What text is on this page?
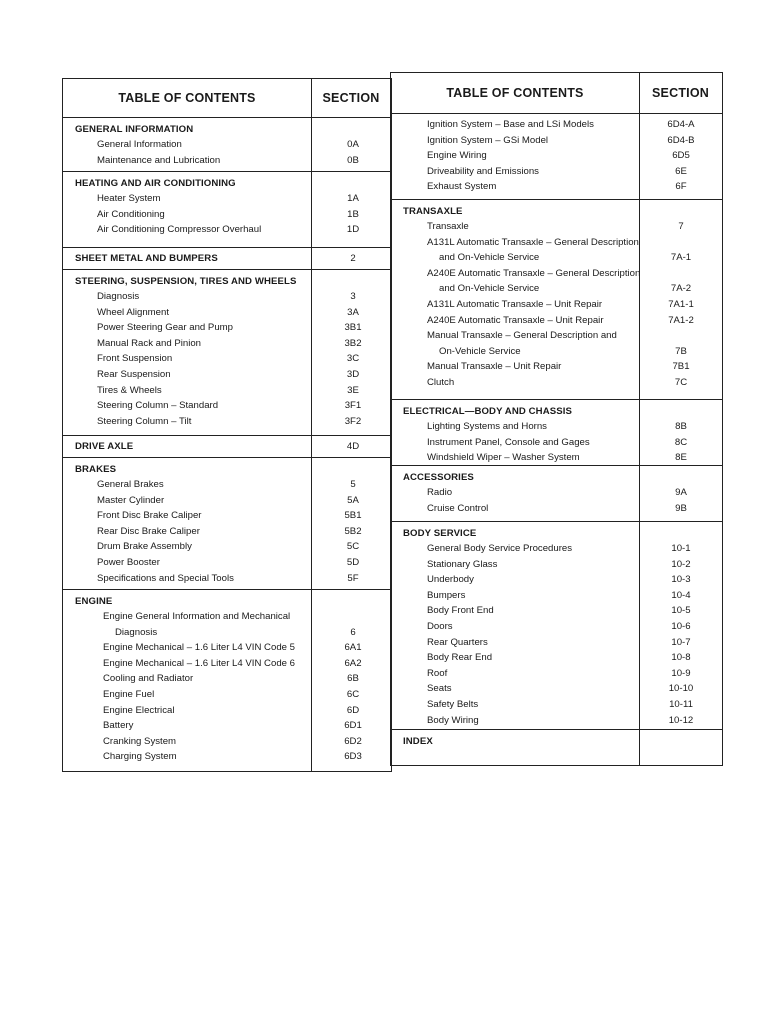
TABLE OF CONTENTS	SECTION
GENERAL INFORMATION
General Information	0A
Maintenance and Lubrication	0B
HEATING AND AIR CONDITIONING
Heater System	1A
Air Conditioning	1B
Air Conditioning Compressor Overhaul	1D
SHEET METAL AND BUMPERS	2
STEERING, SUSPENSION, TIRES AND WHEELS
Diagnosis	3
Wheel Alignment	3A
Power Steering Gear and Pump	3B1
Manual Rack and Pinion	3B2
Front Suspension	3C
Rear Suspension	3D
Tires & Wheels	3E
Steering Column – Standard	3F1
Steering Column – Tilt	3F2
DRIVE AXLE	4D
BRAKES
General Brakes	5
Master Cylinder	5A
Front Disc Brake Caliper	5B1
Rear Disc Brake Caliper	5B2
Drum Brake Assembly	5C
Power Booster	5D
Specifications and Special Tools	5F
ENGINE
Engine General Information and Mechanical
Diagnosis	6
Engine Mechanical – 1.6 Liter L4 VIN Code 5	6A1
Engine Mechanical – 1.6 Liter L4 VIN Code 6	6A2
Cooling and Radiator	6B
Engine Fuel	6C
Engine Electrical	6D
Battery	6D1
Cranking System	6D2
Charging System	6D3
TABLE OF CONTENTS	SECTION
Ignition System – Base and LSi Models	6D4-A
Ignition System – GSi Model	6D4-B
Engine Wiring	6D5
Driveability and Emissions	6E
Exhaust System	6F
TRANSAXLE
Transaxle	7
A131L Automatic Transaxle – General Description
and On-Vehicle Service	7A-1
A240E Automatic Transaxle – General Description
and On-Vehicle Service	7A-2
A131L Automatic Transaxle – Unit Repair	7A1-1
A240E Automatic Transaxle – Unit Repair	7A1-2
Manual Transaxle – General Description and
On-Vehicle Service	7B
Manual Transaxle – Unit Repair	7B1
Clutch	7C
ELECTRICAL—BODY AND CHASSIS
Lighting Systems and Horns	8B
Instrument Panel, Console and Gages	8C
Windshield Wiper – Washer System	8E
ACCESSORIES
Radio	9A
Cruise Control	9B
BODY SERVICE
General Body Service Procedures	10-1
Stationary Glass	10-2
Underbody	10-3
Bumpers	10-4
Body Front End	10-5
Doors	10-6
Rear Quarters	10-7
Body Rear End	10-8
Roof	10-9
Seats	10-10
Safety Belts	10-11
Body Wiring	10-12
INDEX
